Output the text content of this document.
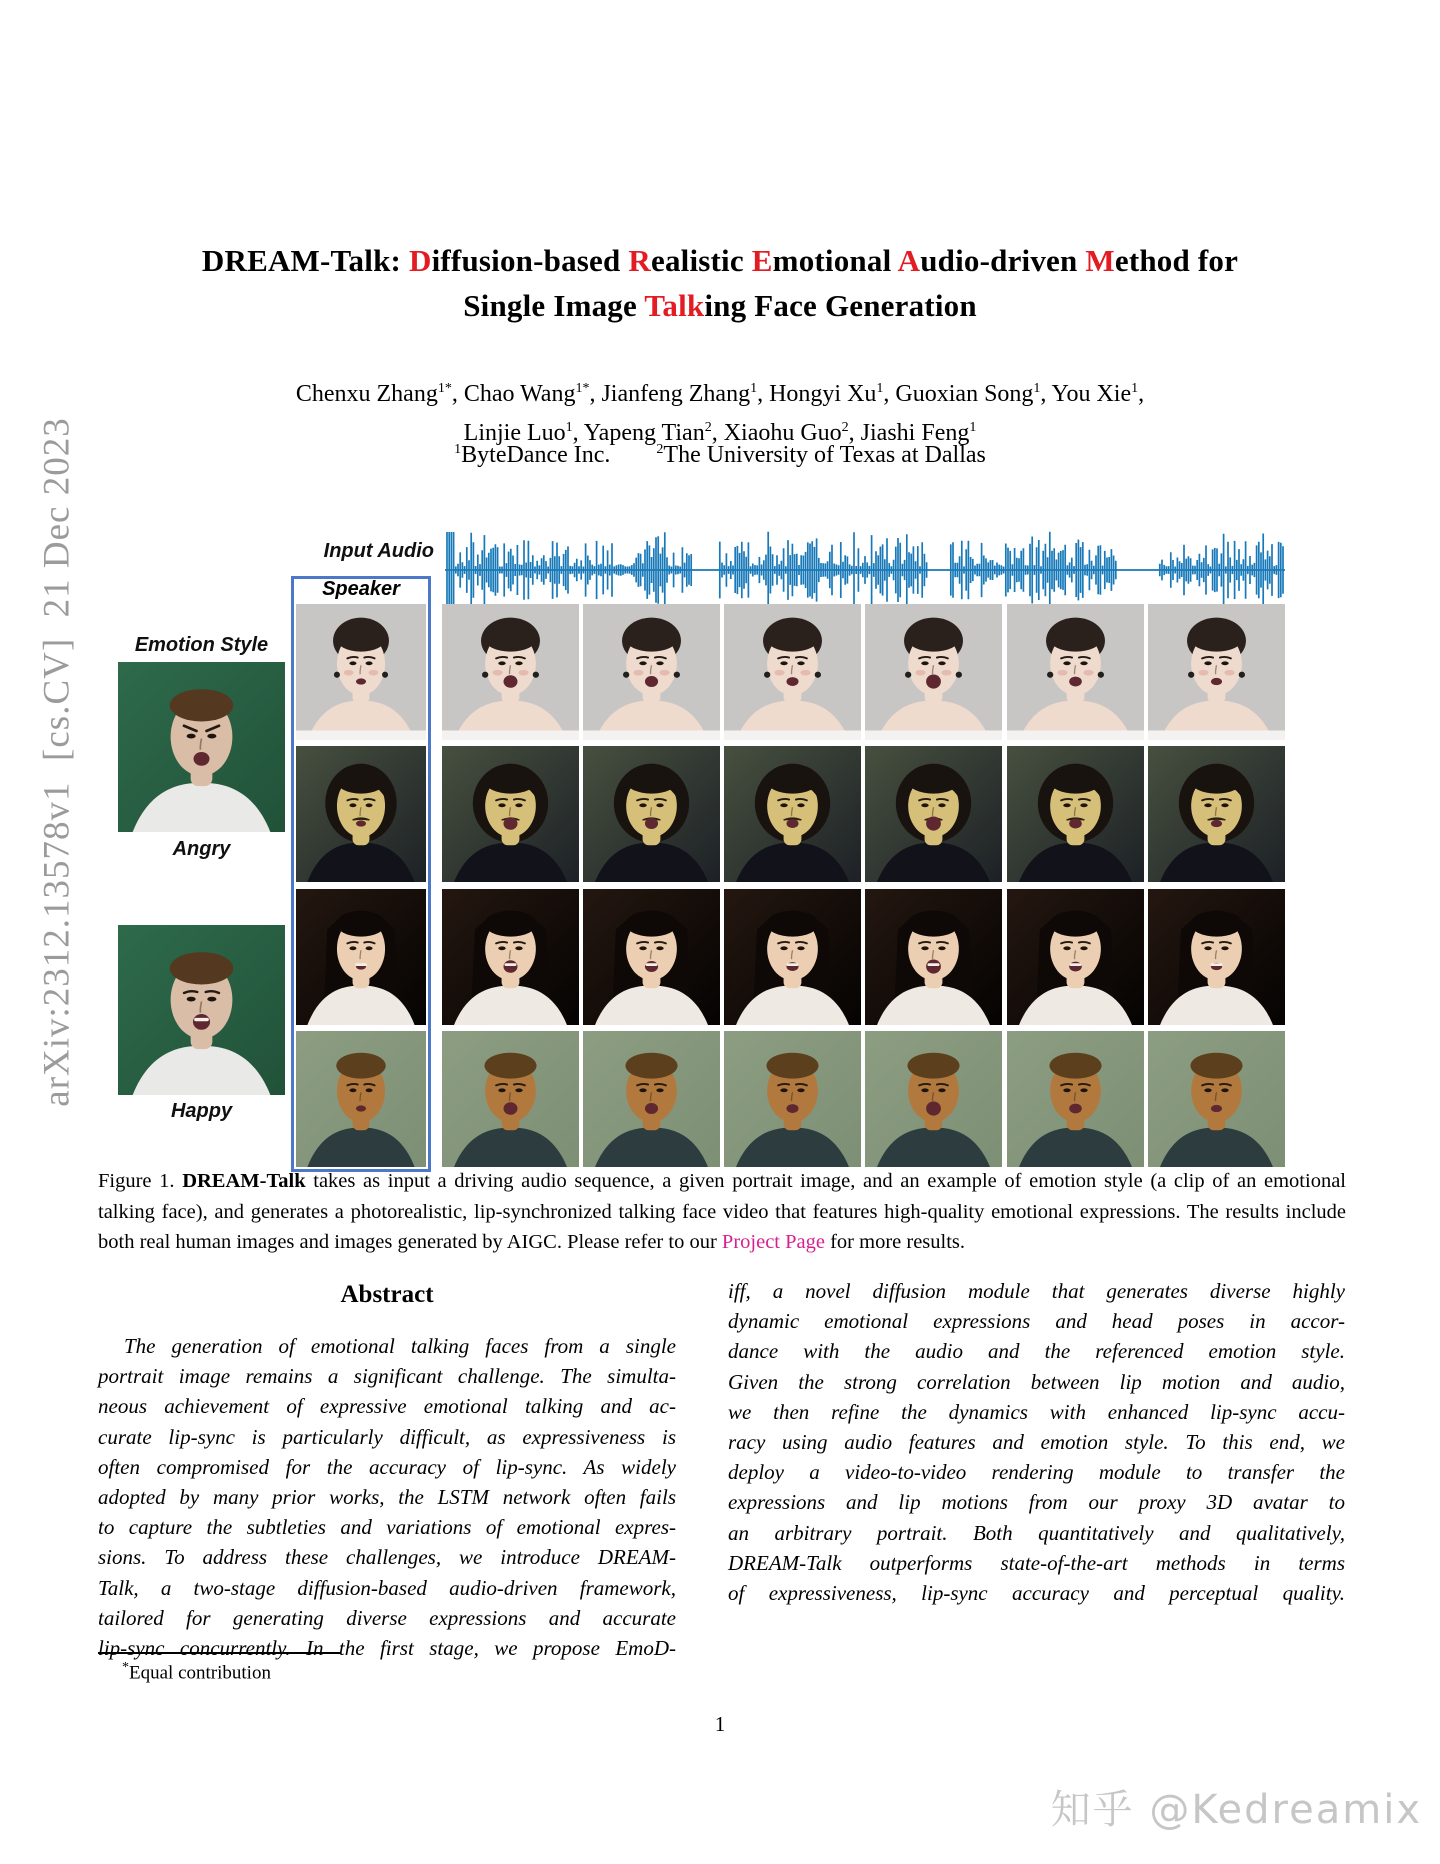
arXiv:2312.13578v1  [cs.CV]  21 Dec 2023
DREAM-Talk: Diffusion-based Realistic Emotional Audio-driven Method for
Single Image Talking Face Generation
Chenxu Zhang$^{1*}$, Chao Wang$^{1*}$, Jianfeng Zhang$^1$, Hongyi Xu$^1$, Guoxian Song$^1$, You Xie$^1$,
Linjie Luo$^1$, Yapeng Tian$^2$, Xiaohu Guo$^2$, Jiashi Feng$^1$
$^1$ByteDance Inc.	$^2$The University of Texas at Dallas
Input Audio
Emotion Style
Speaker
Angry
Happy
Figure 1. DREAM-Talk takes as input a driving audio sequence, a given portrait image, and an example of emotion style (a clip of an emotional talking face), and generates a photorealistic, lip-synchronized talking face video that features high-quality emotional expressions. The results include both real human images and images generated by AIGC. Please refer to our Project Page for more results.
Abstract
The generation of emotional talking faces from a single
portrait image remains a significant challenge. The simulta-
neous achievement of expressive emotional talking and ac-
curate lip-sync is particularly difficult, as expressiveness is
often compromised for the accuracy of lip-sync. As widely
adopted by many prior works, the LSTM network often fails
to capture the subtleties and variations of emotional expres-
sions. To address these challenges, we introduce DREAM-
Talk, a two-stage diffusion-based audio-driven framework,
tailored for generating diverse expressions and accurate
lip-sync concurrently. In the first stage, we propose EmoD-
iff, a novel diffusion module that generates diverse highly
dynamic emotional expressions and head poses in accor-
dance with the audio and the referenced emotion style.
Given the strong correlation between lip motion and audio,
we then refine the dynamics with enhanced lip-sync accu-
racy using audio features and emotion style. To this end, we
deploy a video-to-video rendering module to transfer the
expressions and lip motions from our proxy 3D avatar to
an arbitrary portrait. Both quantitatively and qualitatively,
DREAM-Talk outperforms state-of-the-art methods in terms
of expressiveness, lip-sync accuracy and perceptual quality.
*Equal contribution
1
知乎 @Kedreamix
